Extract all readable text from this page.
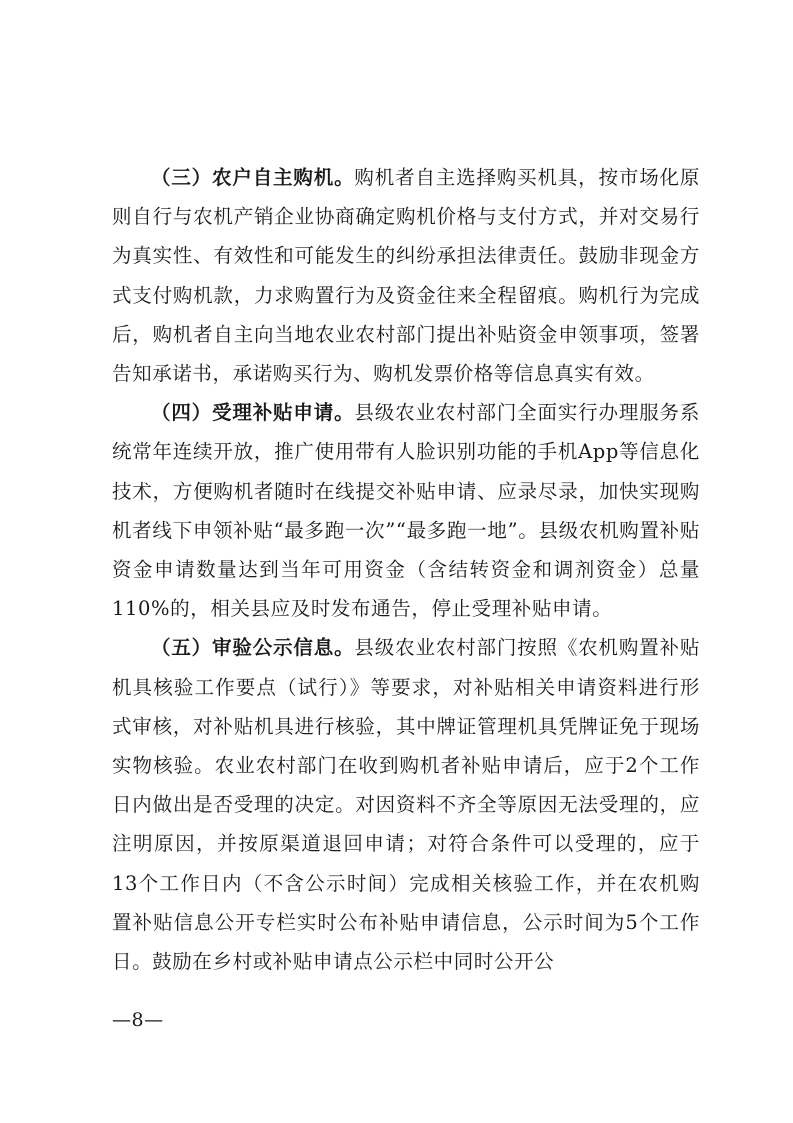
（三）农户自主购机。购机者自主选择购买机具，按市场化原则自行与农机产销企业协商确定购机价格与支付方式，并对交易行为真实性、有效性和可能发生的纠纷承担法律责任。鼓励非现金方式支付购机款，力求购置行为及资金往来全程留痕。购机行为完成后，购机者自主向当地农业农村部门提出补贴资金申领事项，签署告知承诺书，承诺购买行为、购机发票价格等信息真实有效。

（四）受理补贴申请。县级农业农村部门全面实行办理服务系统常年连续开放，推广使用带有人脸识别功能的手机App等信息化技术，方便购机者随时在线提交补贴申请、应录尽录，加快实现购机者线下申领补贴“最多跑一次”“最多跑一地”。县级农机购置补贴资金申请数量达到当年可用资金（含结转资金和调剂资金）总量110%的，相关县应及时发布通告，停止受理补贴申请。

（五）审验公示信息。县级农业农村部门按照《农机购置补贴机具核验工作要点（试行）》等要求，对补贴相关申请资料进行形式审核，对补贴机具进行核验，其中牌证管理机具凭牌证免于现场实物核验。农业农村部门在收到购机者补贴申请后，应于2个工作日内做出是否受理的决定。对因资料不齐全等原因无法受理的，应注明原因，并按原渠道退回申请；对符合条件可以受理的，应于13个工作日内（不含公示时间）完成相关核验工作，并在农机购置补贴信息公开专栏实时公布补贴申请信息，公示时间为5个工作日。鼓励在乡村或补贴申请点公示栏中同时公开公

—8—
